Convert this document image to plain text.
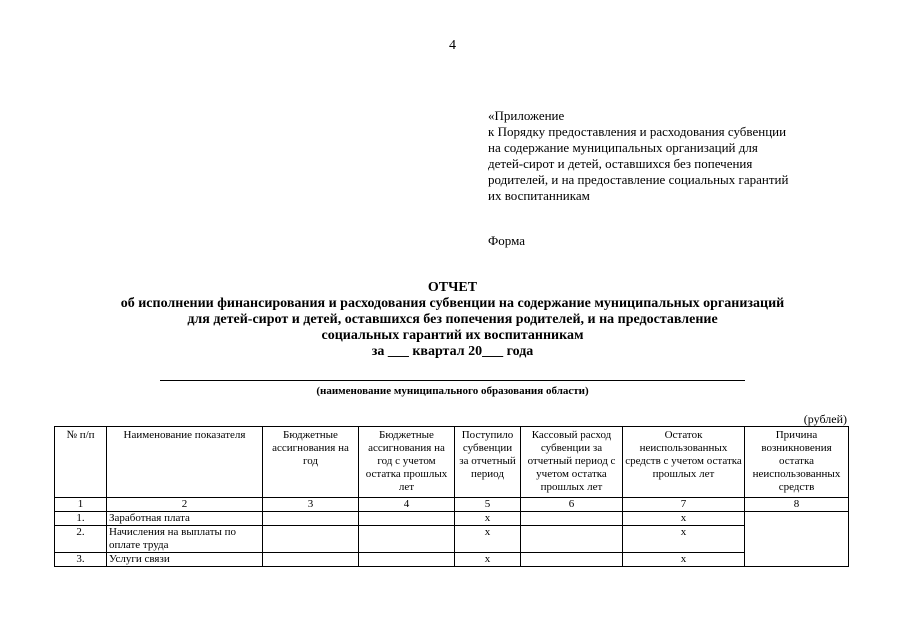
4
«Приложение
к Порядку предоставления и расходования субвенции
на содержание муниципальных организаций для
детей-сирот и детей, оставшихся без попечения
родителей, и на предоставление социальных гарантий
их воспитанникам
Форма
ОТЧЕТ
об исполнении финансирования и расходования субвенции на содержание муниципальных организаций
для детей-сирот и детей, оставшихся без попечения родителей, и на предоставление
социальных гарантий их воспитанникам
за ___ квартал 20___ года
(наименование муниципального образования области)
(рублей)
№ п/п	Наименование показателя	Бюджетные ассигнования на год	Бюджетные ассигнования на год с учетом остатка прошлых лет	Поступило субвенции за отчетный период	Кассовый расход субвенции за отчетный период с учетом остатка прошлых лет	Остаток неиспользованных средств с учетом остатка прошлых лет	Причина возникновения остатка неиспользованных средств
1	2	3	4	5	6	7	8
1.	Заработная плата			x		x	
2.	Начисления на выплаты по оплате труда			x		x	
3.	Услуги связи			x		x	
